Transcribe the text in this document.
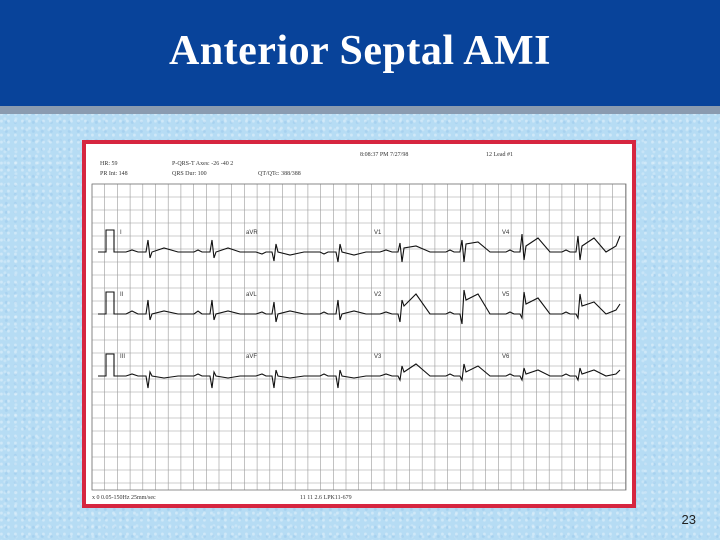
Anterior Septal AMI
HR: 59
PR Int: 148
P-QRS-T Axes: -26 -40 2
QRS Dur: 100	QT/QTc: 388/388
8:08:37 PM 7/27/98	12 Lead #1
I	aVR	V1	V4
II	aVL	V2	V5
III	aVF	V3	V6
x 0 0.05-150Hz 25mm/sec	11 11 2.6 LPK11-679
23
